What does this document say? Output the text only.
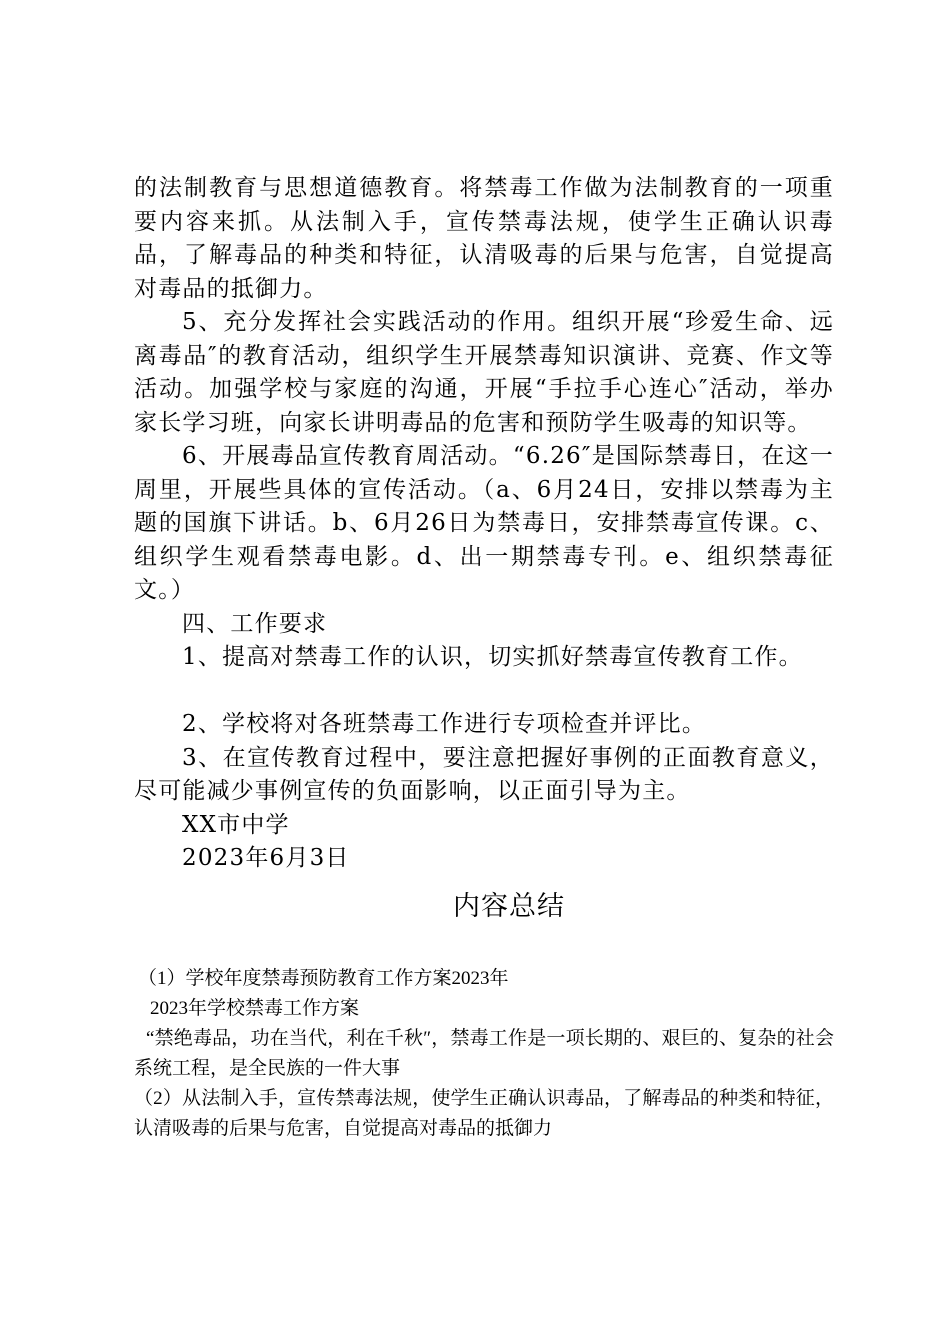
的法制教育与思想道德教育。将禁毒工作做为法制教育的一项重要内容来抓。从法制入手，宣传禁毒法规，使学生正确认识毒品，了解毒品的种类和特征，认清吸毒的后果与危害，自觉提高对毒品的抵御力。

5、充分发挥社会实践活动的作用。组织开展“珍爱生命、远离毒品″的教育活动，组织学生开展禁毒知识演讲、竞赛、作文等活动。加强学校与家庭的沟通，开展“手拉手心连心″活动，举办家长学习班，向家长讲明毒品的危害和预防学生吸毒的知识等。

6、开展毒品宣传教育周活动。“6.26″是国际禁毒日，在这一周里，开展些具体的宣传活动。（a、6月24日，安排以禁毒为主题的国旗下讲话。b、6月26日为禁毒日，安排禁毒宣传课。c、组织学生观看禁毒电影。d、出一期禁毒专刊。e、组织禁毒征文。）

四、工作要求

1、提高对禁毒工作的认识，切实抓好禁毒宣传教育工作。

2、学校将对各班禁毒工作进行专项检查并评比。

3、在宣传教育过程中，要注意把握好事例的正面教育意义，尽可能减少事例宣传的负面影响，以正面引导为主。

XX市中学

2023年6月3日

内容总结

（1）学校年度禁毒预防教育工作方案2023年

2023年学校禁毒工作方案

“禁绝毒品，功在当代，利在千秋″，禁毒工作是一项长期的、艰巨的、复杂的社会系统工程，是全民族的一件大事

（2）从法制入手，宣传禁毒法规，使学生正确认识毒品，了解毒品的种类和特征，认清吸毒的后果与危害，自觉提高对毒品的抵御力
